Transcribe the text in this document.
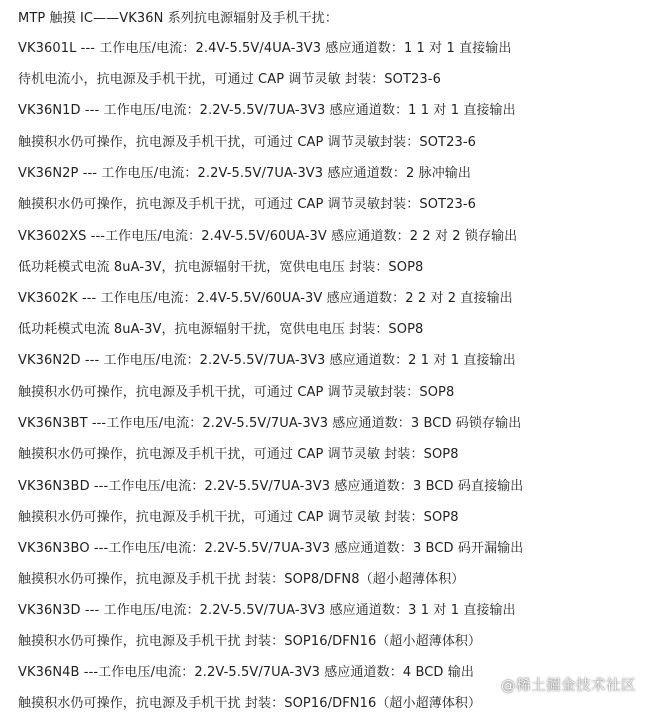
MTP 触摸 IC——VK36N 系列抗电源辐射及手机干扰：
VK3601L --- 工作电压/电流：2.4V-5.5V/4UA-3V3 感应通道数：1 1 对 1 直接输出
待机电流小，抗电源及手机干扰，可通过 CAP 调节灵敏 封装：SOT23-6
VK36N1D --- 工作电压/电流：2.2V-5.5V/7UA-3V3 感应通道数：1 1 对 1 直接输出
触摸积水仍可操作，抗电源及手机干扰，可通过 CAP 调节灵敏封装：SOT23-6
VK36N2P --- 工作电压/电流：2.2V-5.5V/7UA-3V3 感应通道数：2 脉冲输出
触摸积水仍可操作，抗电源及手机干扰，可通过 CAP 调节灵敏封装：SOT23-6
VK3602XS ---工作电压/电流：2.4V-5.5V/60UA-3V 感应通道数：2 2 对 2 锁存输出
低功耗模式电流 8uA-3V，抗电源辐射干扰，宽供电电压 封装：SOP8
VK3602K --- 工作电压/电流：2.4V-5.5V/60UA-3V 感应通道数：2 2 对 2 直接输出
低功耗模式电流 8uA-3V，抗电源辐射干扰，宽供电电压 封装：SOP8
VK36N2D --- 工作电压/电流：2.2V-5.5V/7UA-3V3 感应通道数：2 1 对 1 直接输出
触摸积水仍可操作，抗电源及手机干扰，可通过 CAP 调节灵敏封装：SOP8
VK36N3BT ---工作电压/电流：2.2V-5.5V/7UA-3V3 感应通道数：3 BCD 码锁存输出
触摸积水仍可操作，抗电源及手机干扰，可通过 CAP 调节灵敏 封装：SOP8
VK36N3BD ---工作电压/电流：2.2V-5.5V/7UA-3V3 感应通道数：3 BCD 码直接输出
触摸积水仍可操作，抗电源及手机干扰，可通过 CAP 调节灵敏 封装：SOP8
VK36N3BO ---工作电压/电流：2.2V-5.5V/7UA-3V3 感应通道数：3 BCD 码开漏输出
触摸积水仍可操作，抗电源及手机干扰 封装：SOP8/DFN8（超小超薄体积）
VK36N3D --- 工作电压/电流：2.2V-5.5V/7UA-3V3 感应通道数：3 1 对 1 直接输出
触摸积水仍可操作，抗电源及手机干扰 封装：SOP16/DFN16（超小超薄体积）
VK36N4B ---工作电压/电流：2.2V-5.5V/7UA-3V3 感应通道数：4 BCD 输出
触摸积水仍可操作，抗电源及手机干扰 封装：SOP16/DFN16（超小超薄体积）
@稀土掘金技术社区
